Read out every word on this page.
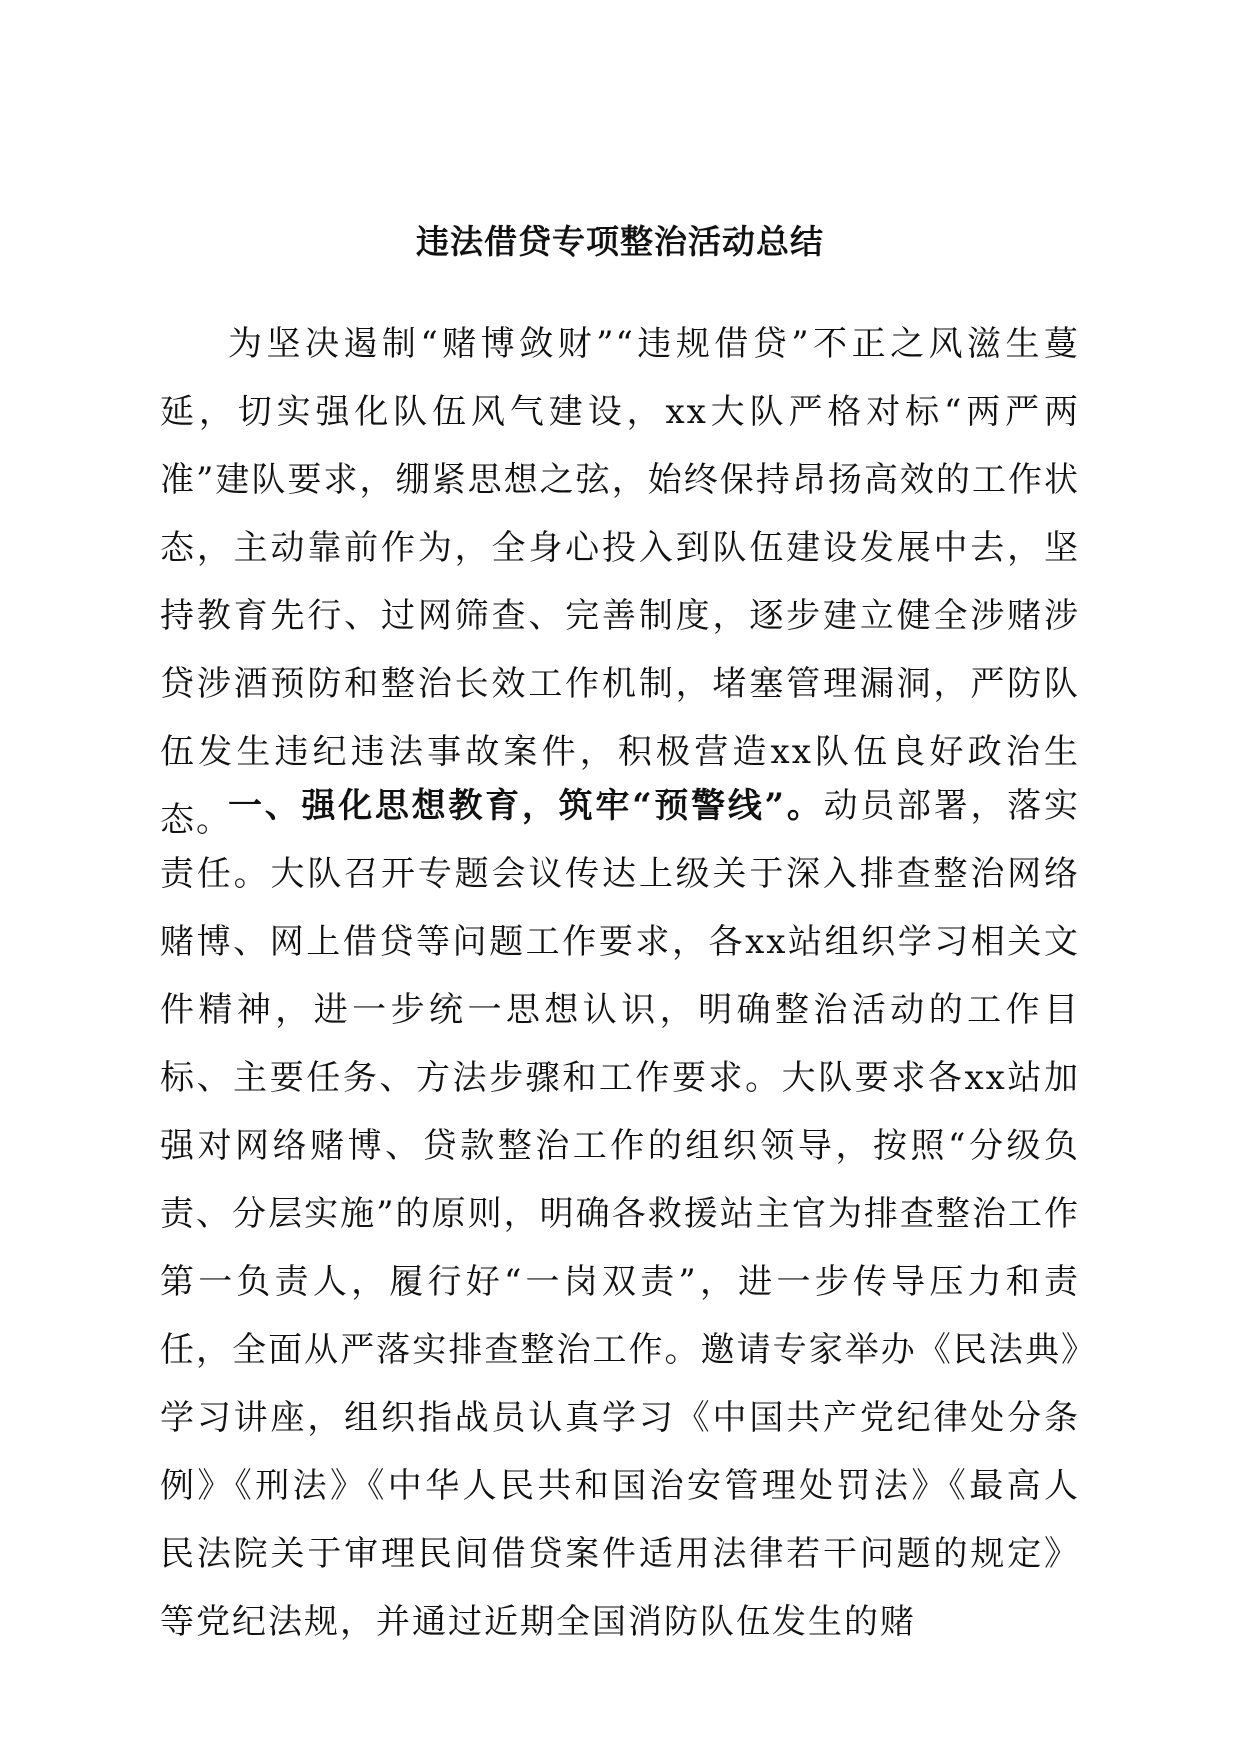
违法借贷专项整治活动总结

为坚决遏制“赌博敛财”“违规借贷”不正之风滋生蔓延，切实强化队伍风气建设，xx大队严格对标“两严两准”建队要求，绷紧思想之弦，始终保持昂扬高效的工作状态，主动靠前作为，全身心投入到队伍建设发展中去，坚持教育先行、过网筛查、完善制度，逐步建立健全涉赌涉贷涉酒预防和整治长效工作机制，堵塞管理漏洞，严防队伍发生违纪违法事故案件，积极营造xx队伍良好政治生态。

一、强化思想教育，筑牢“预警线”。动员部署，落实责任。大队召开专题会议传达上级关于深入排查整治网络赌博、网上借贷等问题工作要求，各xx站组织学习相关文件精神，进一步统一思想认识，明确整治活动的工作目标、主要任务、方法步骤和工作要求。大队要求各xx站加强对网络赌博、贷款整治工作的组织领导，按照“分级负责、分层实施”的原则，明确各救援站主官为排查整治工作第一负责人，履行好“一岗双责”，进一步传导压力和责任，全面从严落实排查整治工作。邀请专家举办《民法典》学习讲座，组织指战员认真学习《中国共产党纪律处分条例》《刑法》《中华人民共和国治安管理处罚法》《最高人民法院关于审理民间借贷案件适用法律若干问题的规定》等党纪法规，并通过近期全国消防队伍发生的赌
